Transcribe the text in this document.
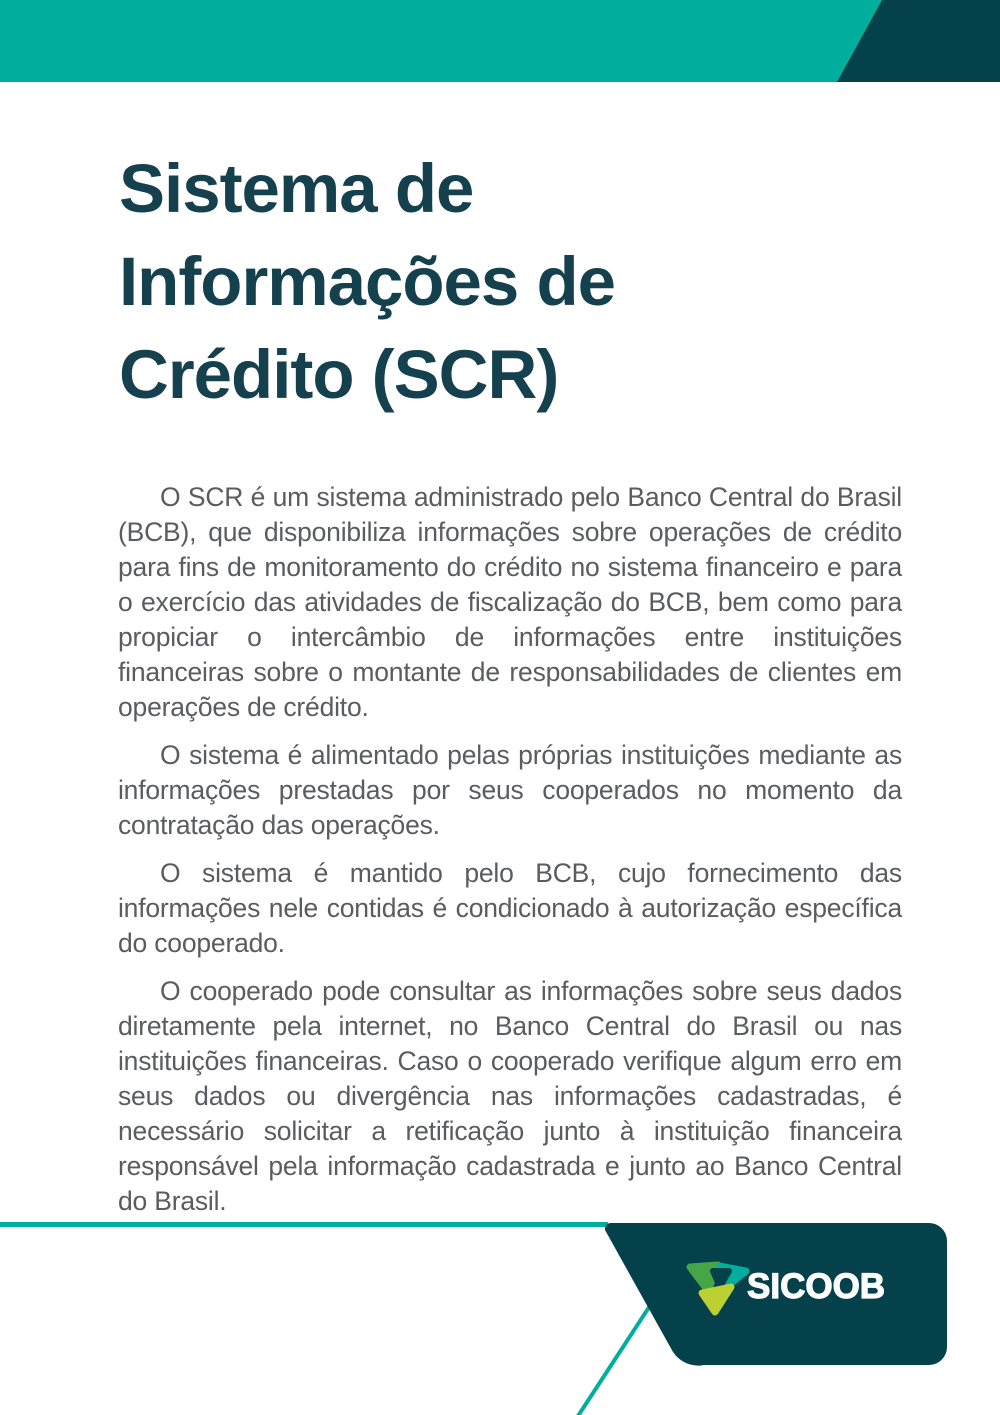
Sistema de
Informações de
Crédito (SCR)

O SCR é um sistema administrado pelo Banco Central do Brasil (BCB), que disponibiliza informações sobre operações de crédito para fins de monitoramento do crédito no sistema financeiro e para o exercício das atividades de fiscalização do BCB, bem como para propiciar o intercâmbio de informações entre instituições financeiras sobre o montante de responsabilidades de clientes em operações de crédito.

O sistema é alimentado pelas próprias instituições mediante as informações prestadas por seus cooperados no momento da contratação das operações.

O sistema é mantido pelo BCB, cujo fornecimento das informações nele contidas é condicionado à autorização específica do cooperado.

O cooperado pode consultar as informações sobre seus dados diretamente pela internet, no Banco Central do Brasil ou nas instituições financeiras. Caso o cooperado verifique algum erro em seus dados ou divergência nas informações cadastradas, é necessário solicitar a retificação junto à instituição financeira responsável pela informação cadastrada e junto ao Banco Central do Brasil.

SICOOB
